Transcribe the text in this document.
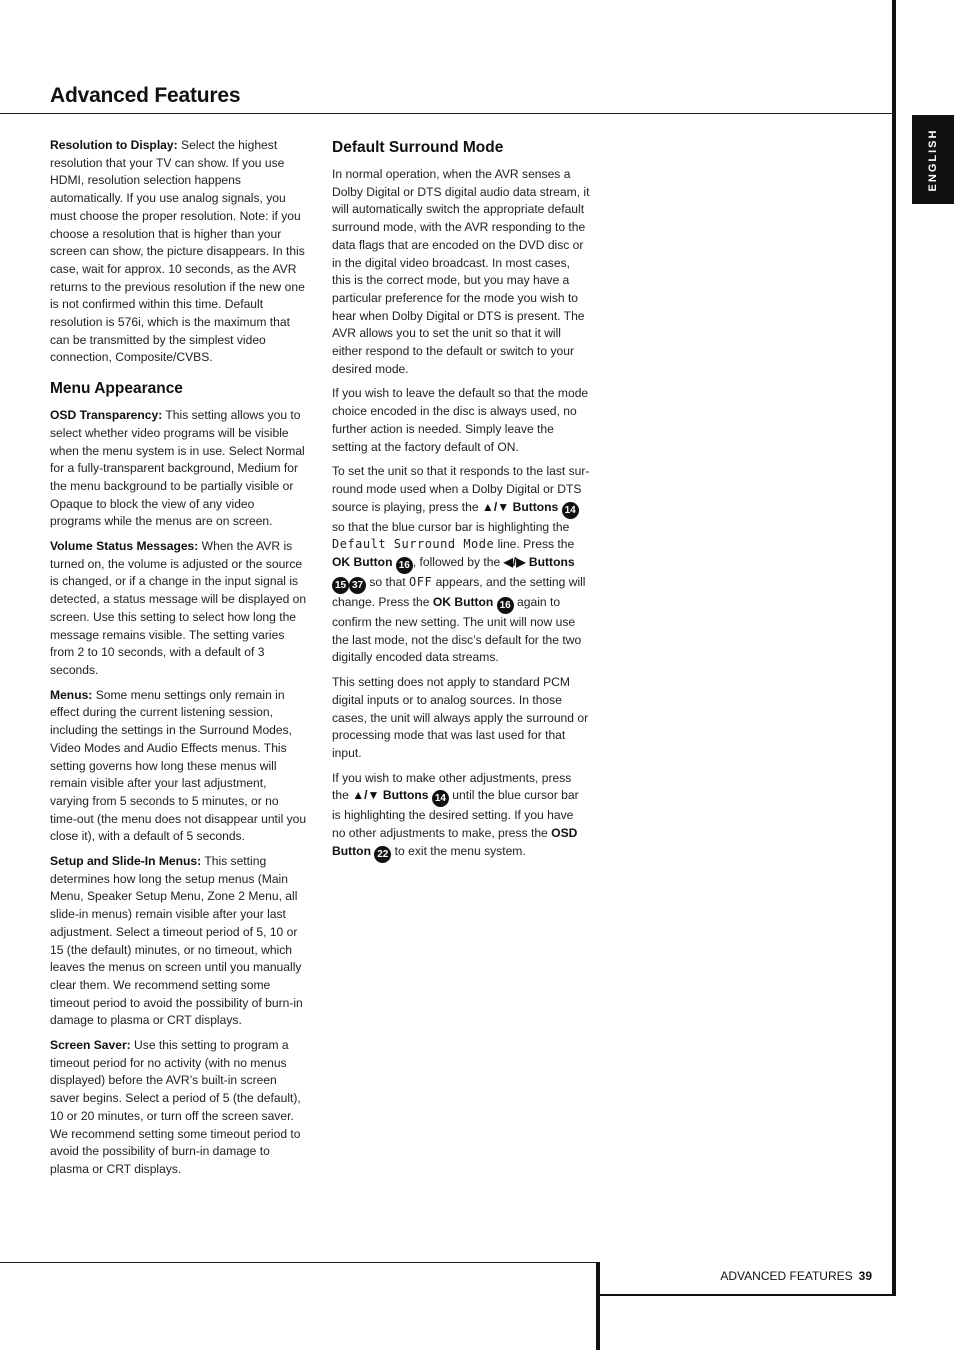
Advanced Features
ENGLISH

Resolution to Display: Select the highest resolution that your TV can show. If you use HDMI, resolution selection happens automatically. If you use analog signals, you must choose the proper resolution. Note: if you choose a resolution that is higher than your screen can show, the picture disappears. In this case, wait for approx. 10 seconds, as the AVR returns to the previous resolution if the new one is not confirmed within this time. Default resolution is 576i, which is the maximum that can be transmitted by the simplest video connection, Composite/CVBS.

Menu Appearance

OSD Transparency: This setting allows you to select whether video programs will be visible when the menu system is in use. Select Normal for a fully-transparent background, Medium for the menu background to be partially visible or Opaque to block the view of any video programs while the menus are on screen.

Volume Status Messages: When the AVR is turned on, the volume is adjusted or the source is changed, or if a change in the input signal is detected, a status message will be displayed on screen. Use this setting to select how long the message remains visible. The setting varies from 2 to 10 seconds, with a default of 3 seconds.

Menus: Some menu settings only remain in effect during the current listening session, including the settings in the Surround Modes, Video Modes and Audio Effects menus. This setting governs how long these menus will remain visible after your last adjustment, varying from 5 seconds to 5 minutes, or no time-out (the menu does not disappear until you close it), with a default of 5 seconds.

Setup and Slide-In Menus: This setting determines how long the setup menus (Main Menu, Speaker Setup Menu, Zone 2 Menu, all slide-in menus) remain visible after your last adjustment. Select a timeout period of 5, 10 or 15 (the default) minutes, or no timeout, which leaves the menus on screen until you manually clear them. We recommend setting some timeout period to avoid the possibility of burn-in damage to plasma or CRT displays.

Screen Saver: Use this setting to program a timeout period for no activity (with no menus displayed) before the AVR’s built-in screen saver begins. Select a period of 5 (the default), 10 or 20 minutes, or turn off the screen saver. We recommend setting some timeout period to avoid the possibility of burn-in damage to plasma or CRT displays.

Default Surround Mode

In normal operation, when the AVR senses a Dolby Digital or DTS digital audio data stream, it will automatically switch the appropriate default surround mode, with the AVR responding to the data flags that are encoded on the DVD disc or in the digital video broadcast. In most cases, this is the correct mode, but you may have a particular preference for the mode you wish to hear when Dolby Digital or DTS is present. The AVR allows you to set the unit so that it will either respond to the default or switch to your desired mode.

If you wish to leave the default so that the mode choice encoded in the disc is always used, no further action is needed. Simply leave the setting at the factory default of ON.

To set the unit so that it responds to the last sur-round mode used when a Dolby Digital or DTS source is playing, press the ▲/▼ Buttons 14 so that the blue cursor bar is highlighting the Default Surround Mode line. Press the OK Button 16 , followed by the ◀/▶ Buttons 15 37 so that OFF appears, and the setting will change. Press the OK Button 16 again to confirm the new setting. The unit will now use the last mode, not the disc’s default for the two digitally encoded data streams.

This setting does not apply to standard PCM digital inputs or to analog sources. In those cases, the unit will always apply the surround or processing mode that was last used for that input.

If you wish to make other adjustments, press the ▲/▼ Buttons 14 until the blue cursor bar is highlighting the desired setting. If you have no other adjustments to make, press the OSD Button 22 to exit the menu system.

ADVANCED FEATURES 39
